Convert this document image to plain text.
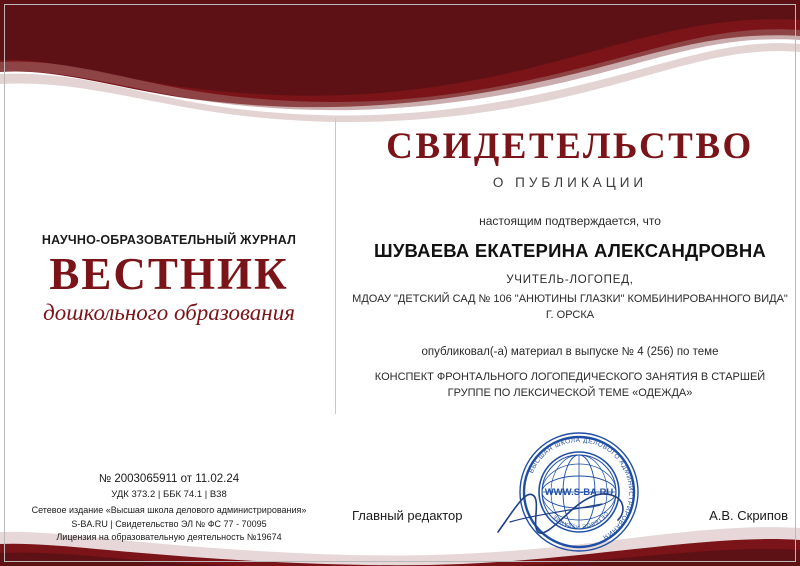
НАУЧНО-ОБРАЗОВАТЕЛЬНЫЙ ЖУРНАЛ
ВЕСТНИК
дошкольного образования
СВИДЕТЕЛЬСТВО
О ПУБЛИКАЦИИ
настоящим подтверждается, что
ШУВАЕВА ЕКАТЕРИНА АЛЕКСАНДРОВНА
УЧИТЕЛЬ-ЛОГОПЕД,
МДОАУ "ДЕТСКИЙ САД № 106 "АНЮТИНЫ ГЛАЗКИ" КОМБИНИРОВАННОГО ВИДА" Г. ОРСКА
опубликовал(-а) материал в выпуске № 4 (256) по теме
КОНСПЕКТ ФРОНТАЛЬНОГО ЛОГОПЕДИЧЕСКОГО ЗАНЯТИЯ В СТАРШЕЙ ГРУППЕ ПО ЛЕКСИЧЕСКОЙ ТЕМЕ «ОДЕЖДА»
№ 2003065911 от 11.02.24
УДК 373.2 | ББК 74.1 | В38
Сетевое издание «Высшая школа делового администрирования»
S-BA.RU | Свидетельство ЭЛ № ФС 77 - 70095
Лицензия на образовательную деятельность №19674
Главный редактор	А.В. Скрипов
ВЫСШАЯ ШКОЛА ДЕЛОВОГО АДМИНИСТРИРОВАНИЯ
СЕТЕВОЕ ИЗДАНИЕ
WWW.S-BA.RU
